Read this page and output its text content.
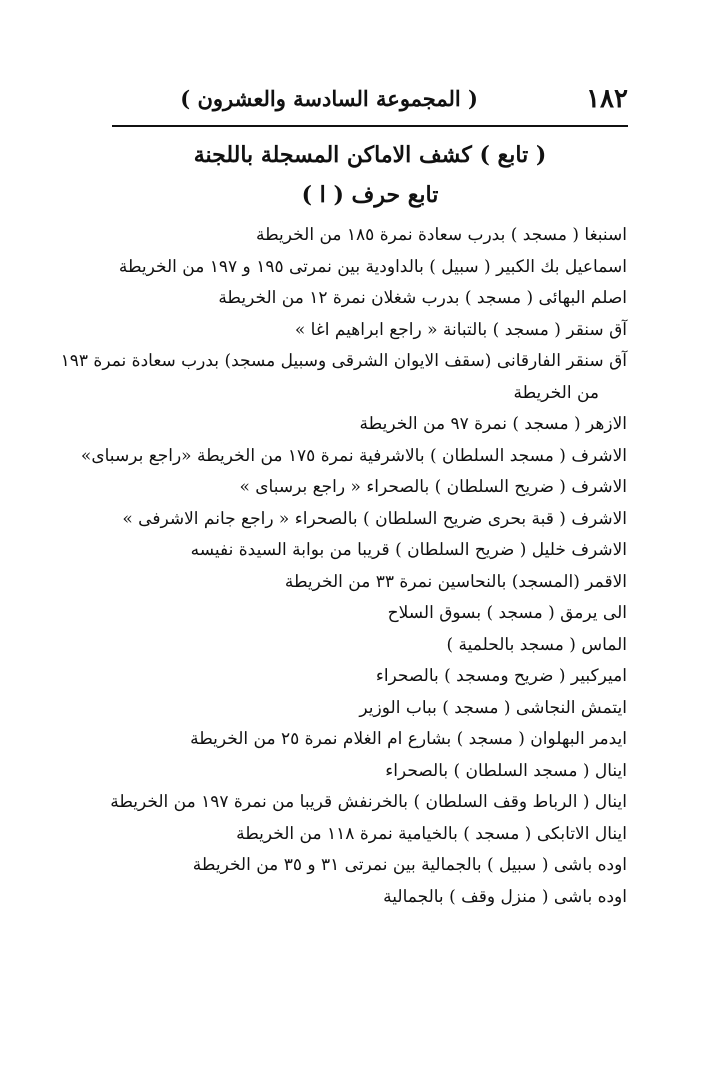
١٨٢
( المجموعة السادسة والعشرون )
( تابع ) كشف الاماكن المسجلة باللجنة
تابع حرف ( ا )
اسنبغا ( مسجد ) بدرب سعادة نمرة ١٨٥ من الخريطة
اسماعيل بك الكبير ( سبيل ) بالداودية بين نمرتى ١٩٥ و ١٩٧ من الخريطة
اصلم البهائى ( مسجد ) بدرب شغلان نمرة ١٢ من الخريطة
آق سنقر ( مسجد ) بالتبانة « راجع ابراهيم اغا »
آق سنقر الفارقانى (سقف الايوان الشرقى وسبيل مسجد) بدرب سعادة نمرة ١٩٣
من الخريطة
الازهر ( مسجد ) نمرة ٩٧ من الخريطة
الاشرف ( مسجد السلطان ) بالاشرفية نمرة ١٧٥ من الخريطة «راجع برسباى»
الاشرف ( ضريح السلطان ) بالصحراء « راجع برسباى »
الاشرف ( قبة بحرى ضريح السلطان ) بالصحراء « راجع جانم الاشرفى »
الاشرف خليل ( ضريح السلطان ) قريبا من بوابة السيدة نفيسه
الاقمر (المسجد) بالنحاسين نمرة ٣٣ من الخريطة
الى يرمق ( مسجد ) بسوق السلاح
الماس ( مسجد بالحلمية )
اميركبير ( ضريح ومسجد ) بالصحراء
ايتمش النجاشى ( مسجد ) بباب الوزير
ايدمر البهلوان ( مسجد ) بشارع ام الغلام نمرة ٢٥ من الخريطة
اينال ( مسجد السلطان ) بالصحراء
اينال ( الرباط وقف السلطان ) بالخرنفش قريبا من نمرة ١٩٧ من الخريطة
اينال الاتابكى ( مسجد ) بالخيامية نمرة ١١٨ من الخريطة
اوده باشى ( سبيل ) بالجمالية بين نمرتى ٣١ و ٣٥ من الخريطة
اوده باشى ( منزل وقف ) بالجمالية
